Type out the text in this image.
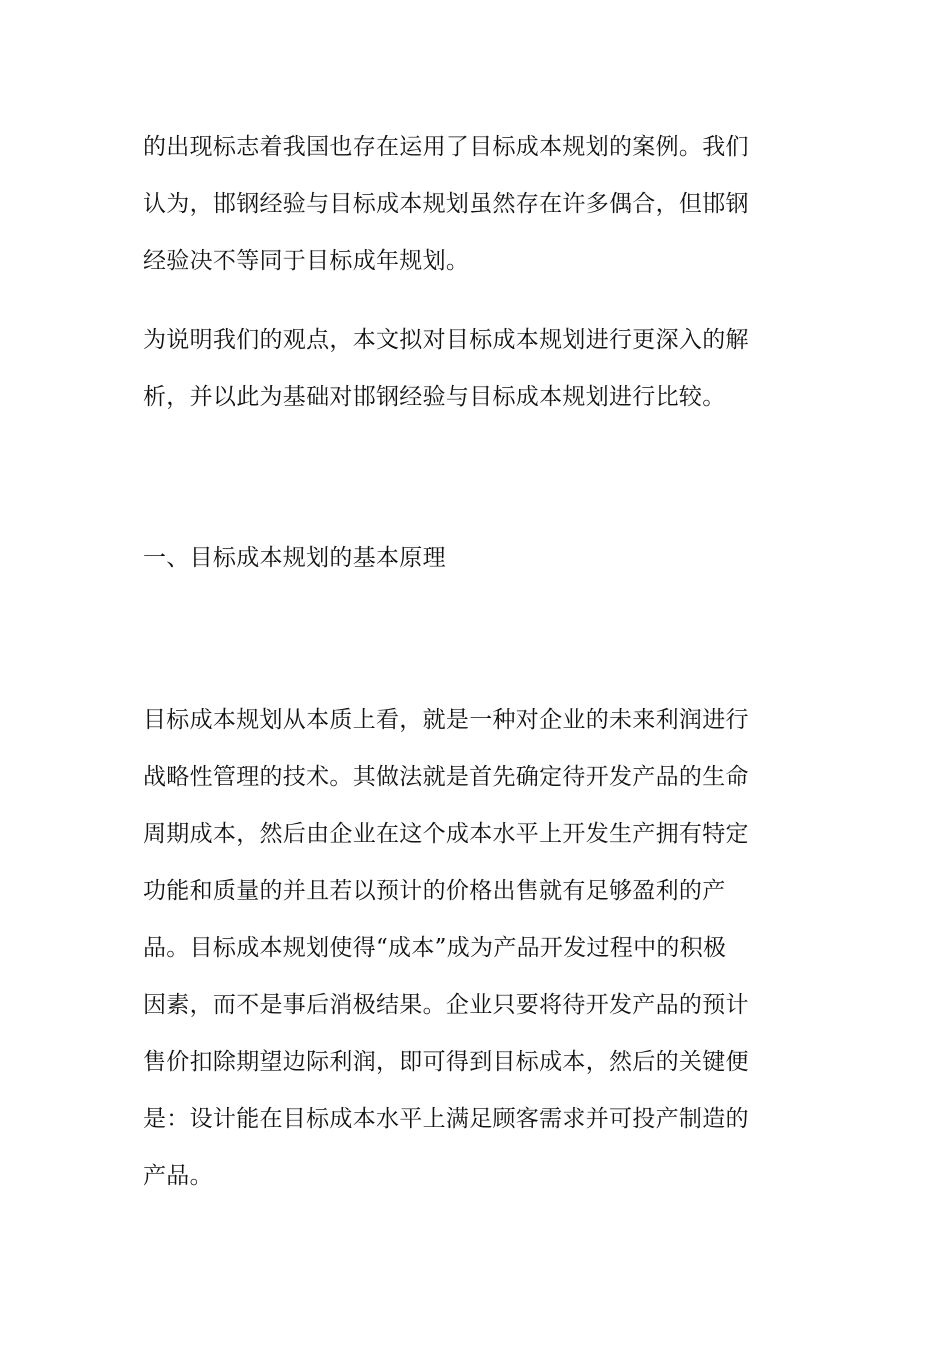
的出现标志着我国也存在运用了目标成本规划的案例。我们
认为，邯钢经验与目标成本规划虽然存在许多偶合，但邯钢
经验决不等同于目标成年规划。
为说明我们的观点，本文拟对目标成本规划进行更深入的解
析，并以此为基础对邯钢经验与目标成本规划进行比较。
一、目标成本规划的基本原理
目标成本规划从本质上看，就是一种对企业的未来利润进行
战略性管理的技术。其做法就是首先确定待开发产品的生命
周期成本，然后由企业在这个成本水平上开发生产拥有特定
功能和质量的并且若以预计的价格出售就有足够盈利的产
品。目标成本规划使得“成本”成为产品开发过程中的积极
因素，而不是事后消极结果。企业只要将待开发产品的预计
售价扣除期望边际利润，即可得到目标成本，然后的关键便
是：设计能在目标成本水平上满足顾客需求并可投产制造的
产品。
